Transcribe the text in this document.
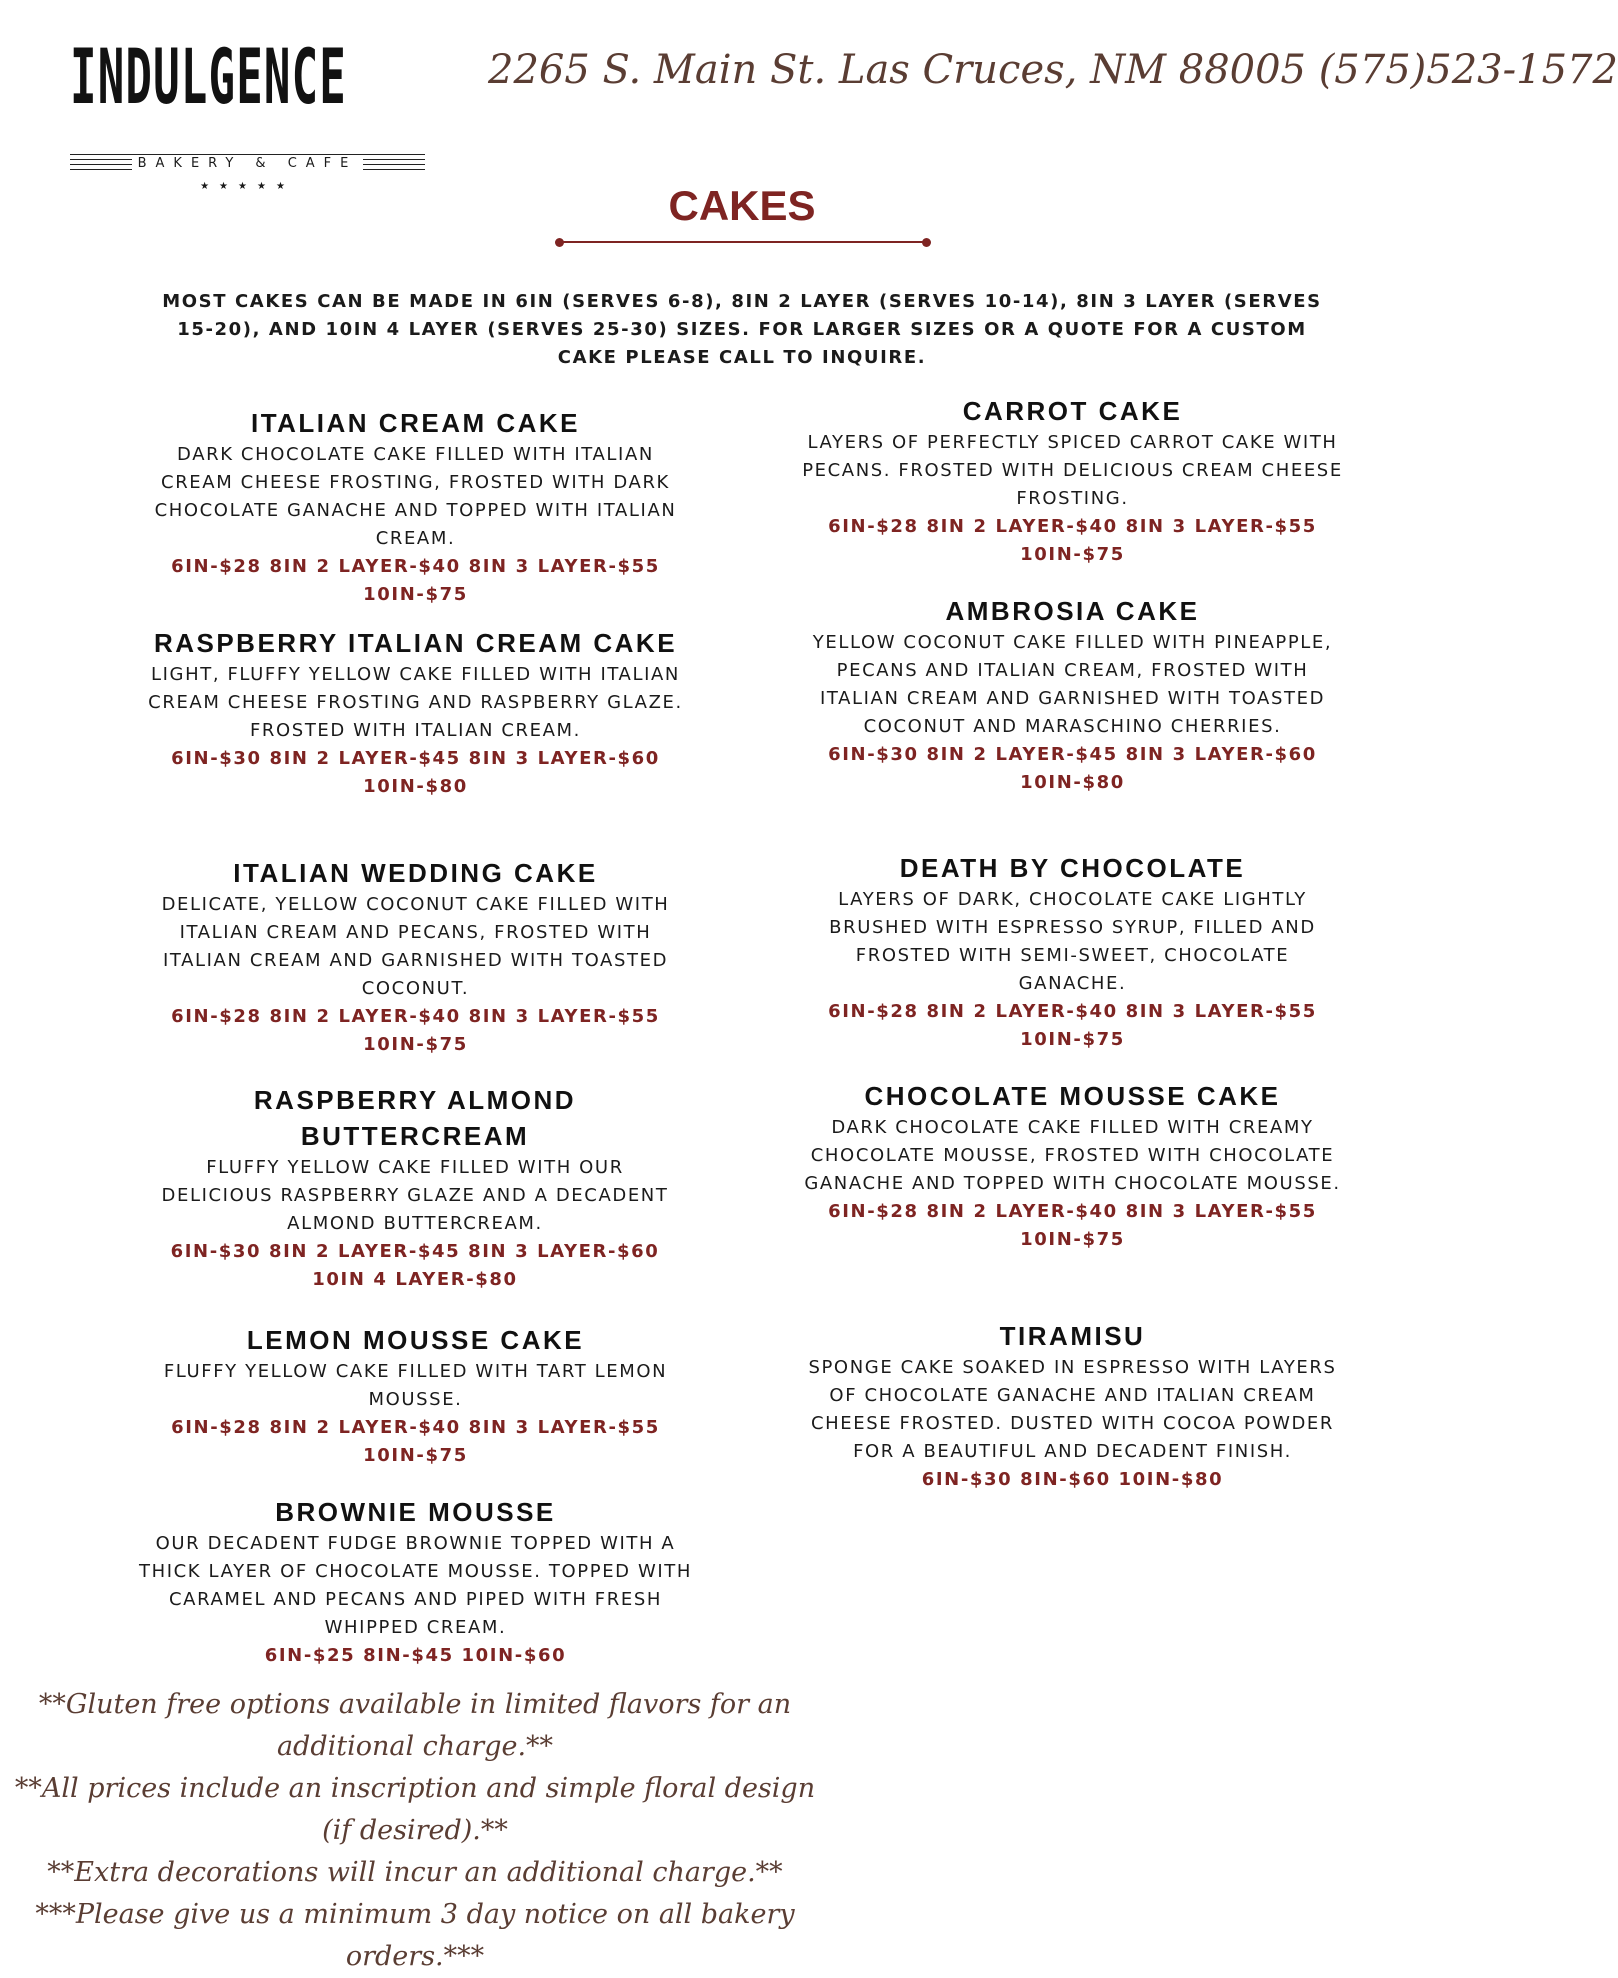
INDULGENCE
BAKERY & CAFE
★★★★★
2265 S. Main St. Las Cruces, NM 88005 (575)523-1572
CAKES
MOST CAKES CAN BE MADE IN 6IN (SERVES 6-8), 8IN 2 LAYER (SERVES 10-14), 8IN 3 LAYER (SERVES 15-20), AND 10IN 4 LAYER (SERVES 25-30) SIZES. FOR LARGER SIZES OR A QUOTE FOR A CUSTOM CAKE PLEASE CALL TO INQUIRE.
ITALIAN CREAM CAKE
DARK CHOCOLATE CAKE FILLED WITH ITALIAN CREAM CHEESE FROSTING, FROSTED WITH DARK CHOCOLATE GANACHE AND TOPPED WITH ITALIAN CREAM.
6IN-$28 8IN 2 LAYER-$40 8IN 3 LAYER-$55 10IN-$75
RASPBERRY ITALIAN CREAM CAKE
LIGHT, FLUFFY YELLOW CAKE FILLED WITH ITALIAN CREAM CHEESE FROSTING AND RASPBERRY GLAZE. FROSTED WITH ITALIAN CREAM.
6IN-$30 8IN 2 LAYER-$45 8IN 3 LAYER-$60 10IN-$80
ITALIAN WEDDING CAKE
DELICATE, YELLOW COCONUT CAKE FILLED WITH ITALIAN CREAM AND PECANS, FROSTED WITH ITALIAN CREAM AND GARNISHED WITH TOASTED COCONUT.
6IN-$28 8IN 2 LAYER-$40 8IN 3 LAYER-$55 10IN-$75
RASPBERRY ALMOND BUTTERCREAM
FLUFFY YELLOW CAKE FILLED WITH OUR DELICIOUS RASPBERRY GLAZE AND A DECADENT ALMOND BUTTERCREAM.
6IN-$30 8IN 2 LAYER-$45 8IN 3 LAYER-$60 10IN 4 LAYER-$80
LEMON MOUSSE CAKE
FLUFFY YELLOW CAKE FILLED WITH TART LEMON MOUSSE.
6IN-$28 8IN 2 LAYER-$40 8IN 3 LAYER-$55 10IN-$75
BROWNIE MOUSSE
OUR DECADENT FUDGE BROWNIE TOPPED WITH A THICK LAYER OF CHOCOLATE MOUSSE. TOPPED WITH CARAMEL AND PECANS AND PIPED WITH FRESH WHIPPED CREAM.
6IN-$25 8IN-$45 10IN-$60
CARROT CAKE
LAYERS OF PERFECTLY SPICED CARROT CAKE WITH PECANS. FROSTED WITH DELICIOUS CREAM CHEESE FROSTING.
6IN-$28 8IN 2 LAYER-$40 8IN 3 LAYER-$55 10IN-$75
AMBROSIA CAKE
YELLOW COCONUT CAKE FILLED WITH PINEAPPLE, PECANS AND ITALIAN CREAM, FROSTED WITH ITALIAN CREAM AND GARNISHED WITH TOASTED COCONUT AND MARASCHINO CHERRIES.
6IN-$30 8IN 2 LAYER-$45 8IN 3 LAYER-$60 10IN-$80
DEATH BY CHOCOLATE
LAYERS OF DARK, CHOCOLATE CAKE LIGHTLY BRUSHED WITH ESPRESSO SYRUP, FILLED AND FROSTED WITH SEMI-SWEET, CHOCOLATE GANACHE.
6IN-$28 8IN 2 LAYER-$40 8IN 3 LAYER-$55 10IN-$75
CHOCOLATE MOUSSE CAKE
DARK CHOCOLATE CAKE FILLED WITH CREAMY CHOCOLATE MOUSSE, FROSTED WITH CHOCOLATE GANACHE AND TOPPED WITH CHOCOLATE MOUSSE.
6IN-$28 8IN 2 LAYER-$40 8IN 3 LAYER-$55 10IN-$75
TIRAMISU
SPONGE CAKE SOAKED IN ESPRESSO WITH LAYERS OF CHOCOLATE GANACHE AND ITALIAN CREAM CHEESE FROSTED. DUSTED WITH COCOA POWDER FOR A BEAUTIFUL AND DECADENT FINISH.
6IN-$30 8IN-$60 10IN-$80
**Gluten free options available in limited flavors for an additional charge.**
**All prices include an inscription and simple floral design (if desired).**
**Extra decorations will incur an additional charge.**
***Please give us a minimum 3 day notice on all bakery orders.***
